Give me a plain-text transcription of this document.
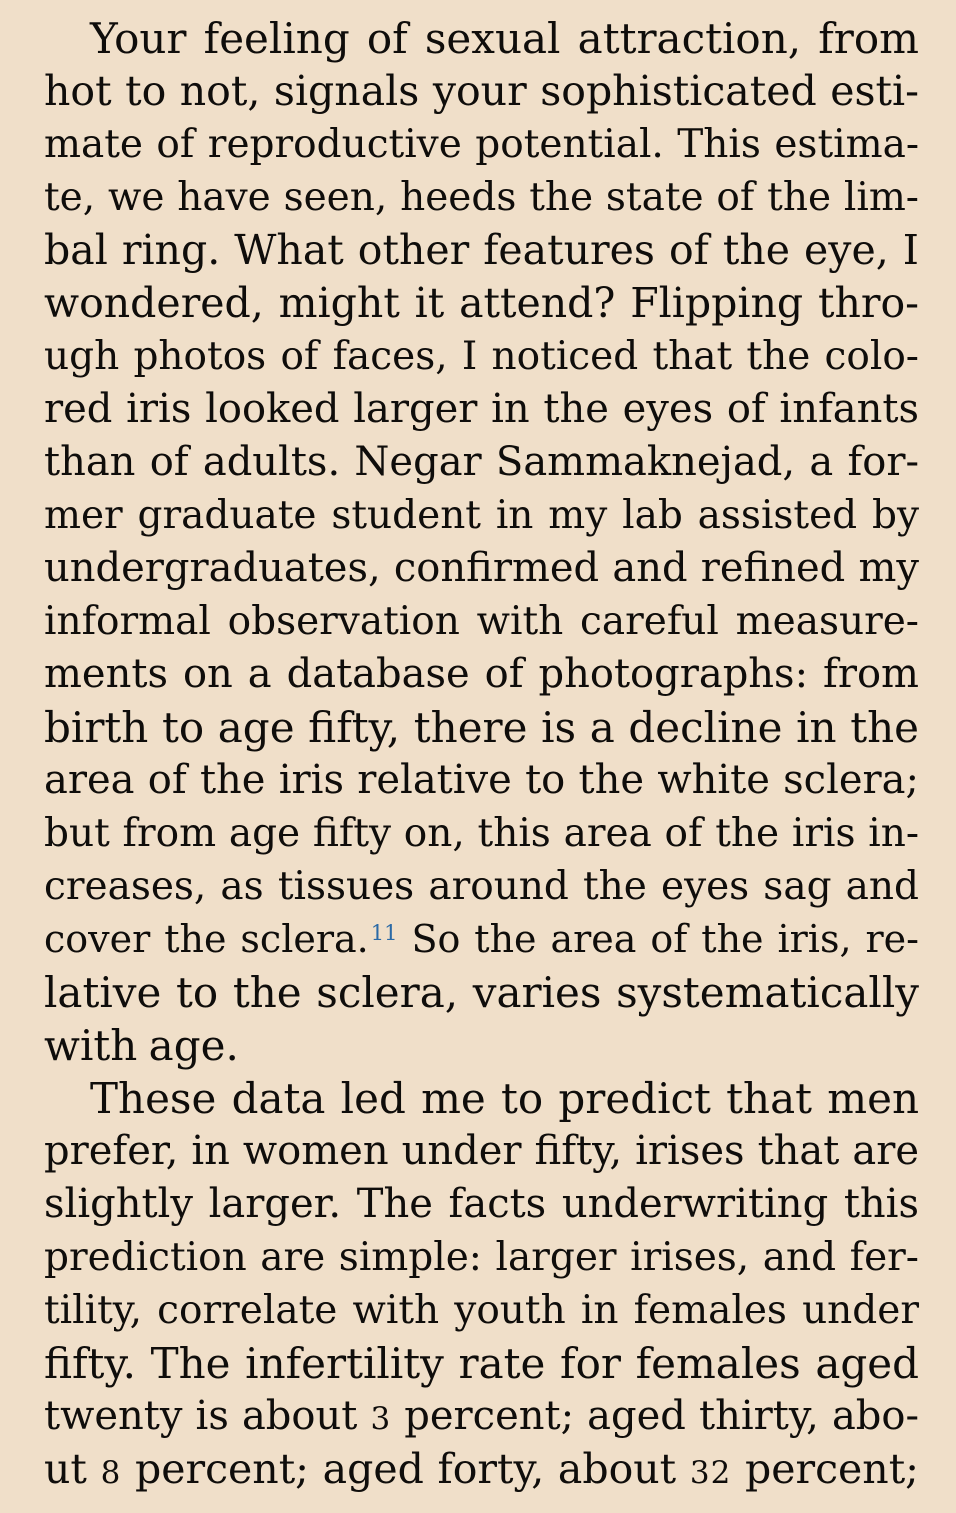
Your feeling of sexual attraction, from
hot to not, signals your sophisticated esti-
mate of reproductive potential. This estima-
te, we have seen, heeds the state of the lim-
bal ring. What other features of the eye, I
wondered, might it attend? Flipping thro-
ugh photos of faces, I noticed that the colo-
red iris looked larger in the eyes of infants
than of adults. Negar Sammaknejad, a for-
mer graduate student in my lab assisted by
undergraduates, confirmed and refined my
informal observation with careful measure-
ments on a database of photographs: from
birth to age fifty, there is a decline in the
area of the iris relative to the white sclera;
but from age fifty on, this area of the iris in-
creases, as tissues around the eyes sag and
cover the sclera.$^{11}$ So the area of the iris, re-
lative to the sclera, varies systematically
with age.
These data led me to predict that men
prefer, in women under fifty, irises that are
slightly larger. The facts underwriting this
prediction are simple: larger irises, and fer-
tility, correlate with youth in females under
fifty. The infertility rate for females aged
twenty is about 3 percent; aged thirty, abo-
ut 8 percent; aged forty, about 32 percent;
